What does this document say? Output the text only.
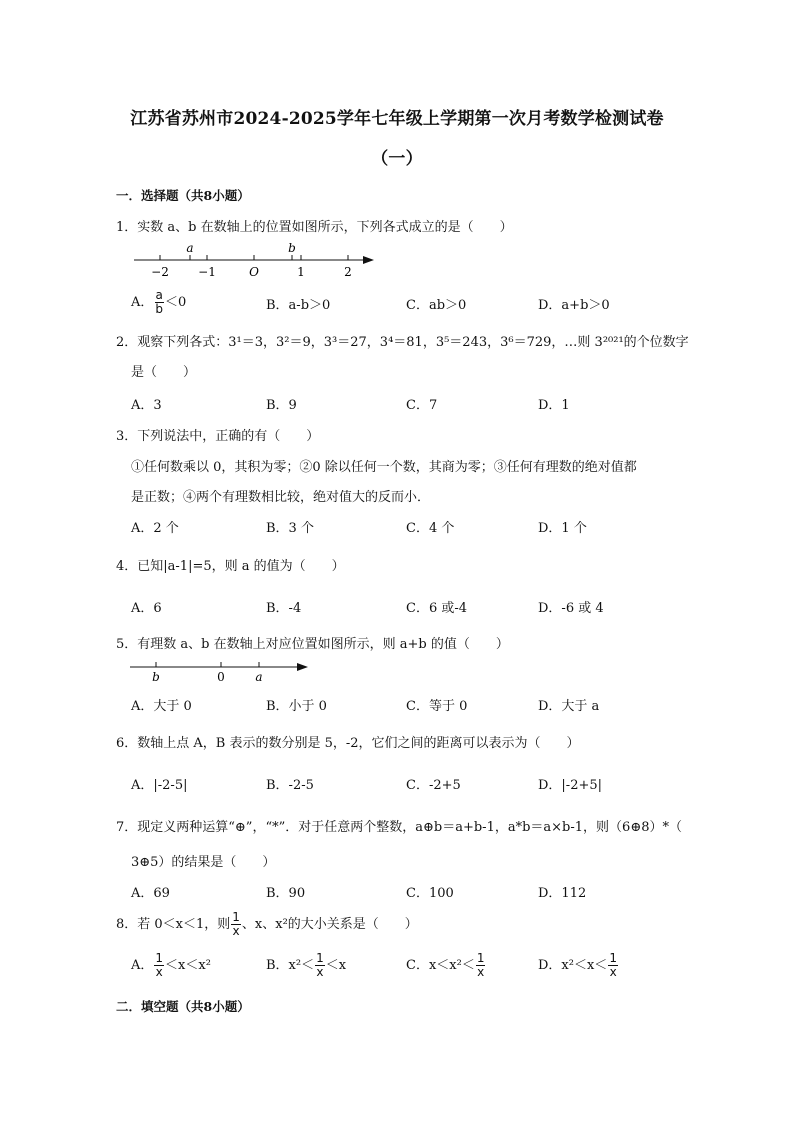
江苏省苏州市2024-2025学年七年级上学期第一次月考数学检测试卷
（一）
一．选择题（共8小题）
1．实数 a、b 在数轴上的位置如图所示，下列各式成立的是（　　）
a	b
−2 −1	O	1	2
A． $\frac{a}{b} <0$	B．a-b＞0	C．ab＞0	D．a+b＞0
2．观察下列各式：3¹＝3，3²＝9，3³＝27，3⁴＝81，3⁵＝243，3⁶＝729，…则 3²⁰²¹的个位数字
是（　　）
A．3	B．9	C．7	D．1
3．下列说法中，正确的有（　　）
①任何数乘以 0，其积为零；②0 除以任何一个数，其商为零；③任何有理数的绝对值都
是正数；④两个有理数相比较，绝对值大的反而小．
A．2 个	B．3 个	C．4 个	D．1 个
4．已知|a-1|=5，则 a 的值为（　　）
A．6	B．-4	C．6 或-4	D．-6 或 4
5．有理数 a、b 在数轴上对应位置如图所示，则 a+b 的值（　　）
b	0	a
A．大于 0	B．小于 0	C．等于 0	D．大于 a
6．数轴上点 A，B 表示的数分别是 5，-2，它们之间的距离可以表示为（　　）
A．|-2-5|	B．-2-5	C．-2+5	D．|-2+5|
7．现定义两种运算“⊕”，“*”．对于任意两个整数，a⊕b＝a+b-1，a*b＝a×b-1，则（6⊕8）*（
3⊕5）的结果是（　　）
A．69	B．90	C．100	D．112
8．若 0＜x＜1，则 $\frac{1}{x}$ 、x、x²的大小关系是（　　）
A． $\frac{1}{x} <x<x^2$	B．$x^2< \frac{1}{x} <x$	C．$x<x^2< \frac{1}{x}$	D．$x^2<x< \frac{1}{x}$
二．填空题（共8小题）
